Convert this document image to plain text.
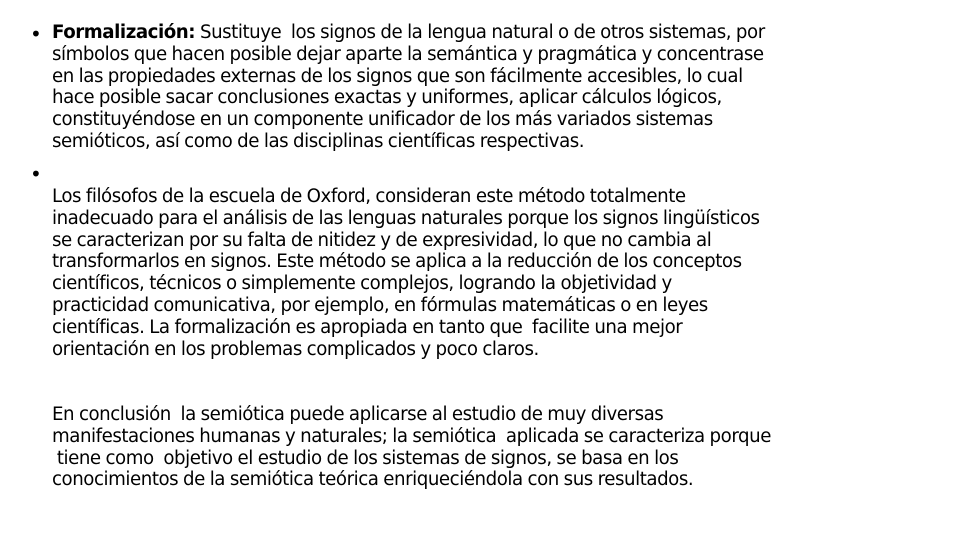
• Formalización: Sustituye  los signos de la lengua natural o de otros sistemas, por
símbolos que hacen posible dejar aparte la semántica y pragmática y concentrase
en las propiedades externas de los signos que son fácilmente accesibles, lo cual
hace posible sacar conclusiones exactas y uniformes, aplicar cálculos lógicos,
constituyéndose en un componente unificador de los más variados sistemas
semióticos, así como de las disciplinas científicas respectivas.
•
Los filósofos de la escuela de Oxford, consideran este método totalmente
inadecuado para el análisis de las lenguas naturales porque los signos lingüísticos
se caracterizan por su falta de nitidez y de expresividad, lo que no cambia al
transformarlos en signos. Este método se aplica a la reducción de los conceptos
científicos, técnicos o simplemente complejos, logrando la objetividad y
practicidad comunicativa, por ejemplo, en fórmulas matemáticas o en leyes
científicas. La formalización es apropiada en tanto que  facilite una mejor
orientación en los problemas complicados y poco claros.
En conclusión  la semiótica puede aplicarse al estudio de muy diversas
manifestaciones humanas y naturales; la semiótica  aplicada se caracteriza porque
tiene como  objetivo el estudio de los sistemas de signos, se basa en los
conocimientos de la semiótica teórica enriqueciéndola con sus resultados.
